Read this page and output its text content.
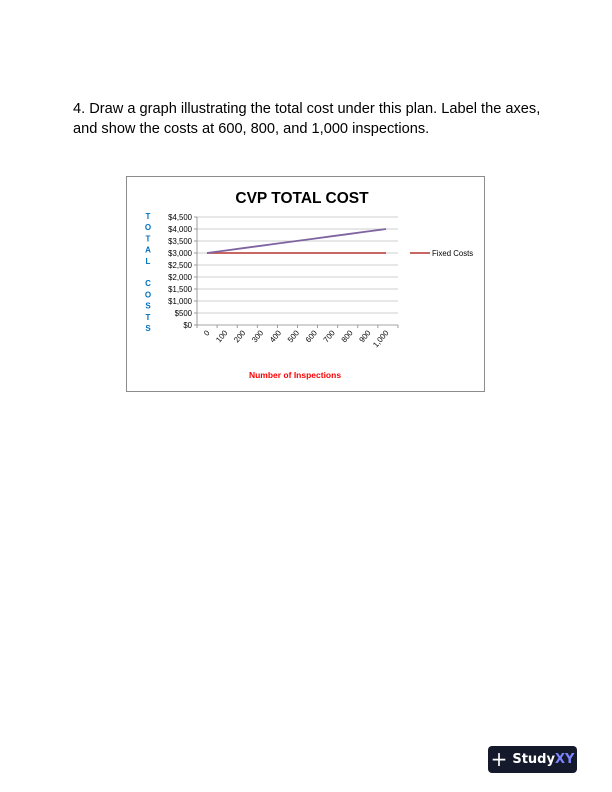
4. Draw a graph illustrating the total cost under this plan. Label the axes,

and show the costs at 600, 800, and 1,000 inspections.

CVP TOTAL COST
$0
$500
$1,000
$1,500
$2,000
$2,500
$3,000
$3,500
$4,000
$4,500
0 100 200 300 400 500 600 700 800 900
1,000
T
O
T
A
L
C
O
S
T
S
Number of Inspections
Fixed Costs
+ StudyXY
